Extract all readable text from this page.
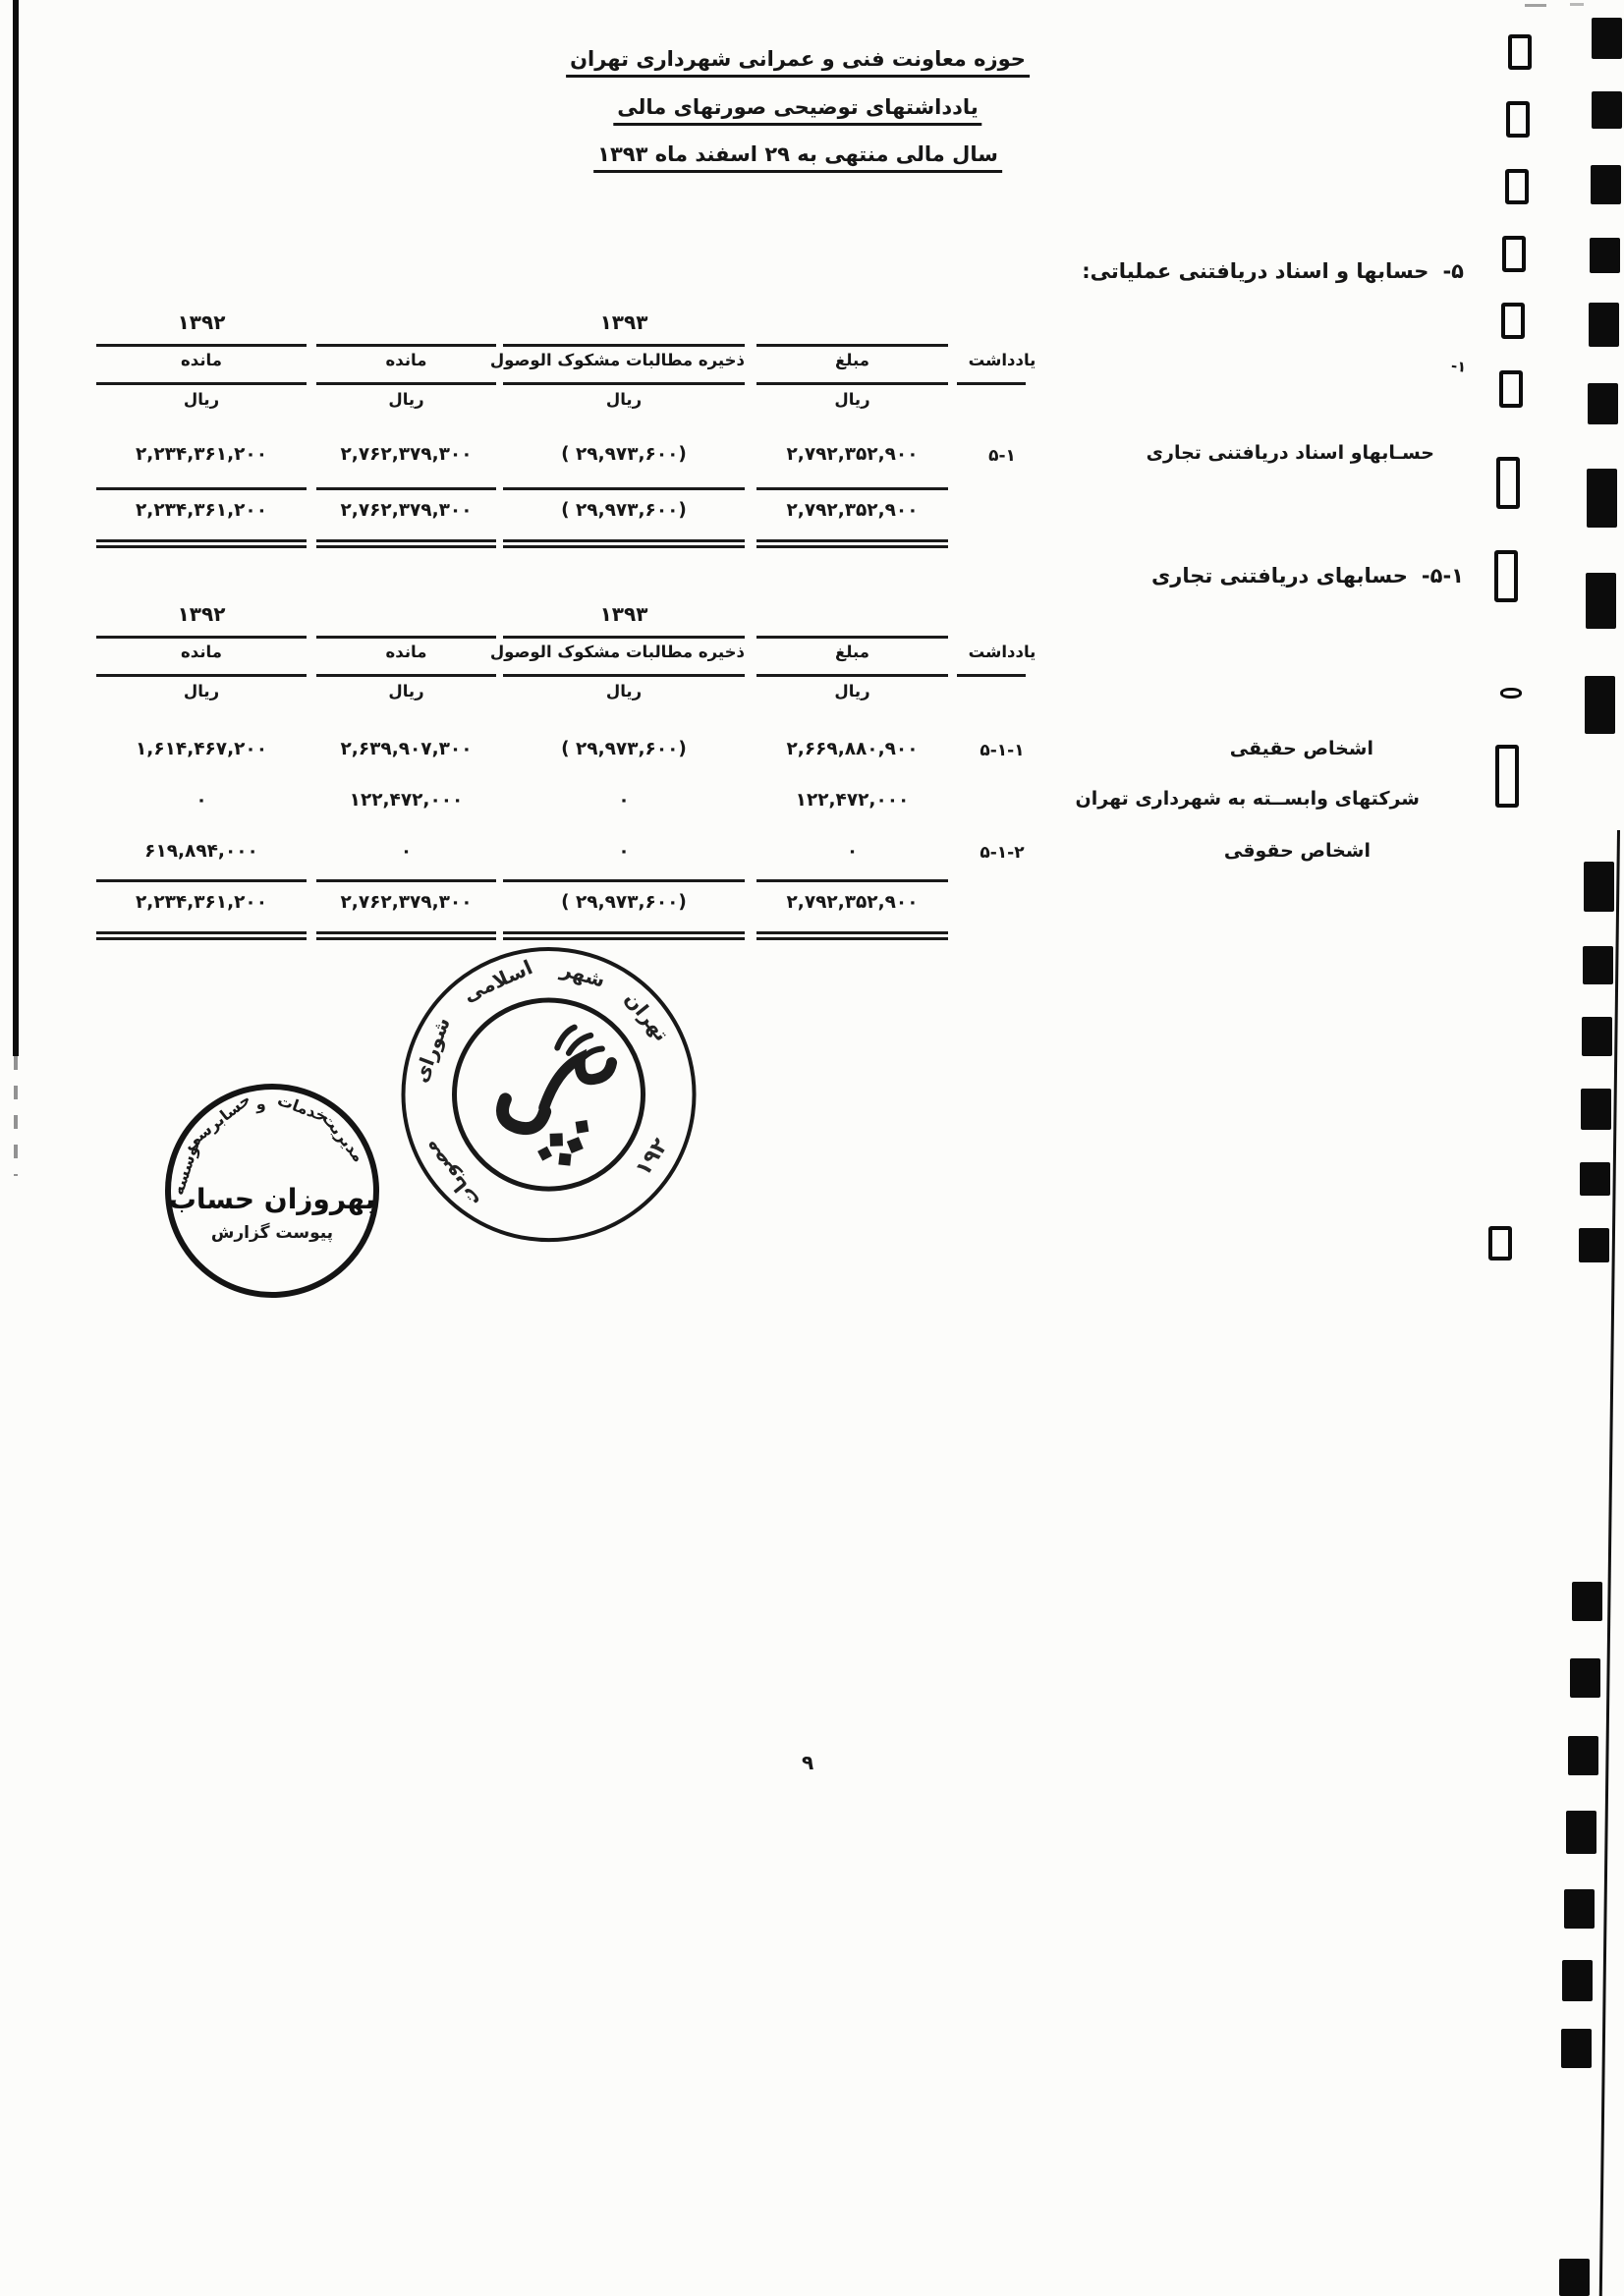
حوزه معاونت فنی و عمرانی شهرداری تهران
یادداشتهای توضیحی صورتهای مالی
سال مالی منتهی به ۲۹ اسفند ماه ۱۳۹۳
۵-حسابها و اسناد دریافتنی عملیاتی:
۱۳۹۲	۱۳۹۳
مانده	مانده	ذخیره مطالبات مشکوک الوصول	مبلغ	یادداشت
ریال	ریال	ریال	ریال
۲,۲۳۴,۳۶۱,۲۰۰	۲,۷۶۲,۳۷۹,۳۰۰	( ۲۹,۹۷۳,۶۰۰)	۲,۷۹۲,۳۵۲,۹۰۰	۵-۱	حسـابهاو اسناد دریافتنی تجاری
۲,۲۳۴,۳۶۱,۲۰۰	۲,۷۶۲,۳۷۹,۳۰۰	( ۲۹,۹۷۳,۶۰۰)	۲,۷۹۲,۳۵۲,۹۰۰
۵-۱-حسابهای دریافتنی تجاری
۱۳۹۲	۱۳۹۳
مانده	مانده	ذخیره مطالبات مشکوک الوصول	مبلغ	یادداشت
ریال	ریال	ریال	ریال
۱,۶۱۴,۴۶۷,۲۰۰	۲,۶۳۹,۹۰۷,۳۰۰	( ۲۹,۹۷۳,۶۰۰)	۲,۶۶۹,۸۸۰,۹۰۰	۵-۱-۱	اشخاص حقیقی
۰	۱۲۲,۴۷۲,۰۰۰	۰	۱۲۲,۴۷۲,۰۰۰	شرکتهای وابســته به شهرداری تهران
۶۱۹,۸۹۴,۰۰۰	۰	۰	۰	۵-۱-۲	اشخاص حقوقی
۲,۲۳۴,۳۶۱,۲۰۰	۲,۷۶۲,۳۷۹,۳۰۰	( ۲۹,۹۷۳,۶۰۰)	۲,۷۹۲,۳۵۲,۹۰۰
موسسه
حسابرسی و خدمات
مدیریت
بهروزان حساب
پیوست گزارش
مصوبات
شورای
اسلامی شهر
تهران
۱۹۲
۹
-۱
